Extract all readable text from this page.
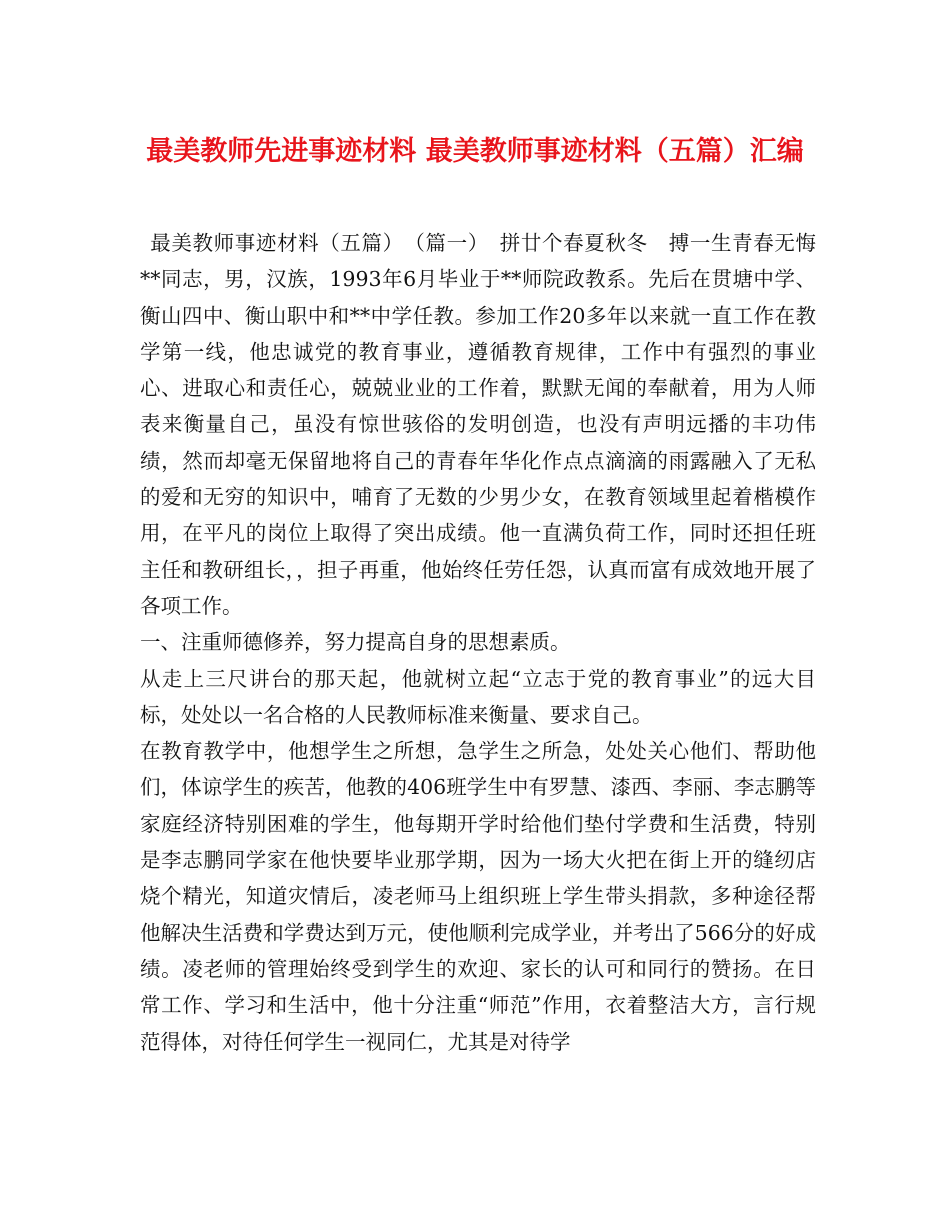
最美教师先进事迹材料 最美教师事迹材料（五篇）汇编

最美教师事迹材料（五篇）　（篇一）　拼廿个春夏秋冬　搏一生青春无悔　**同志，男，汉族，1993年6月毕业于**师院政教系。先后在贯塘中学、衡山四中、衡山职中和**中学任教。参加工作20多年以来就一直工作在教学第一线，他忠诚党的教育事业，遵循教育规律，工作中有强烈的事业心、进取心和责任心，兢兢业业的工作着，默默无闻的奉献着，用为人师表来衡量自己，虽没有惊世骇俗的发明创造，也没有声明远播的丰功伟绩，然而却毫无保留地将自己的青春年华化作点点滴滴的雨露融入了无私的爱和无穷的知识中，哺育了无数的少男少女，在教育领域里起着楷模作用，在平凡的岗位上取得了突出成绩。他一直满负荷工作，同时还担任班主任和教研组长，，担子再重，他始终任劳任怨，认真而富有成效地开展了各项工作。

一、注重师德修养，努力提高自身的思想素质。

从走上三尺讲台的那天起，他就树立起“立志于党的教育事业”的远大目标，处处以一名合格的人民教师标准来衡量、要求自己。

在教育教学中，他想学生之所想，急学生之所急，处处关心他们、帮助他们，体谅学生的疾苦，他教的406班学生中有罗慧、漆西、李丽、李志鹏等家庭经济特别困难的学生，他每期开学时给他们垫付学费和生活费，特别是李志鹏同学家在他快要毕业那学期，因为一场大火把在街上开的缝纫店烧个精光，知道灾情后，凌老师马上组织班上学生带头捐款，多种途径帮他解决生活费和学费达到万元，使他顺利完成学业，并考出了566分的好成绩。凌老师的管理始终受到学生的欢迎、家长的认可和同行的赞扬。在日常工作、学习和生活中，他十分注重“师范”作用，衣着整洁大方，言行规范得体，对待任何学生一视同仁，尤其是对待学
